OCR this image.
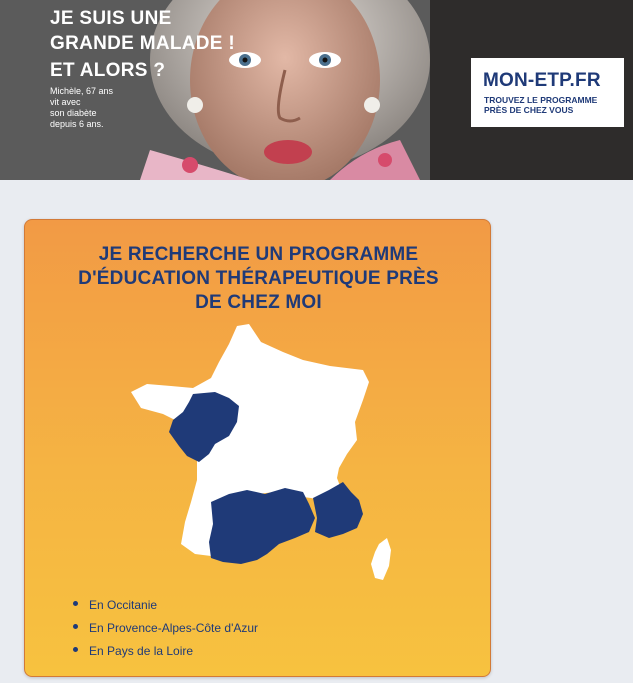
JE SUIS UNE
GRANDE MALADE !
ET ALORS ?
Michèle, 67 ans
vit avec
son diabète
depuis 6 ans.
MON-ETP.FR
TROUVEZ LE PROGRAMME
PRÈS DE CHEZ VOUS
JE RECHERCHE UN PROGRAMME
D'ÉDUCATION THÉRAPEUTIQUE PRÈS
DE CHEZ MOI
En Occitanie
En Provence-Alpes-Côte d'Azur
En Pays de la Loire
